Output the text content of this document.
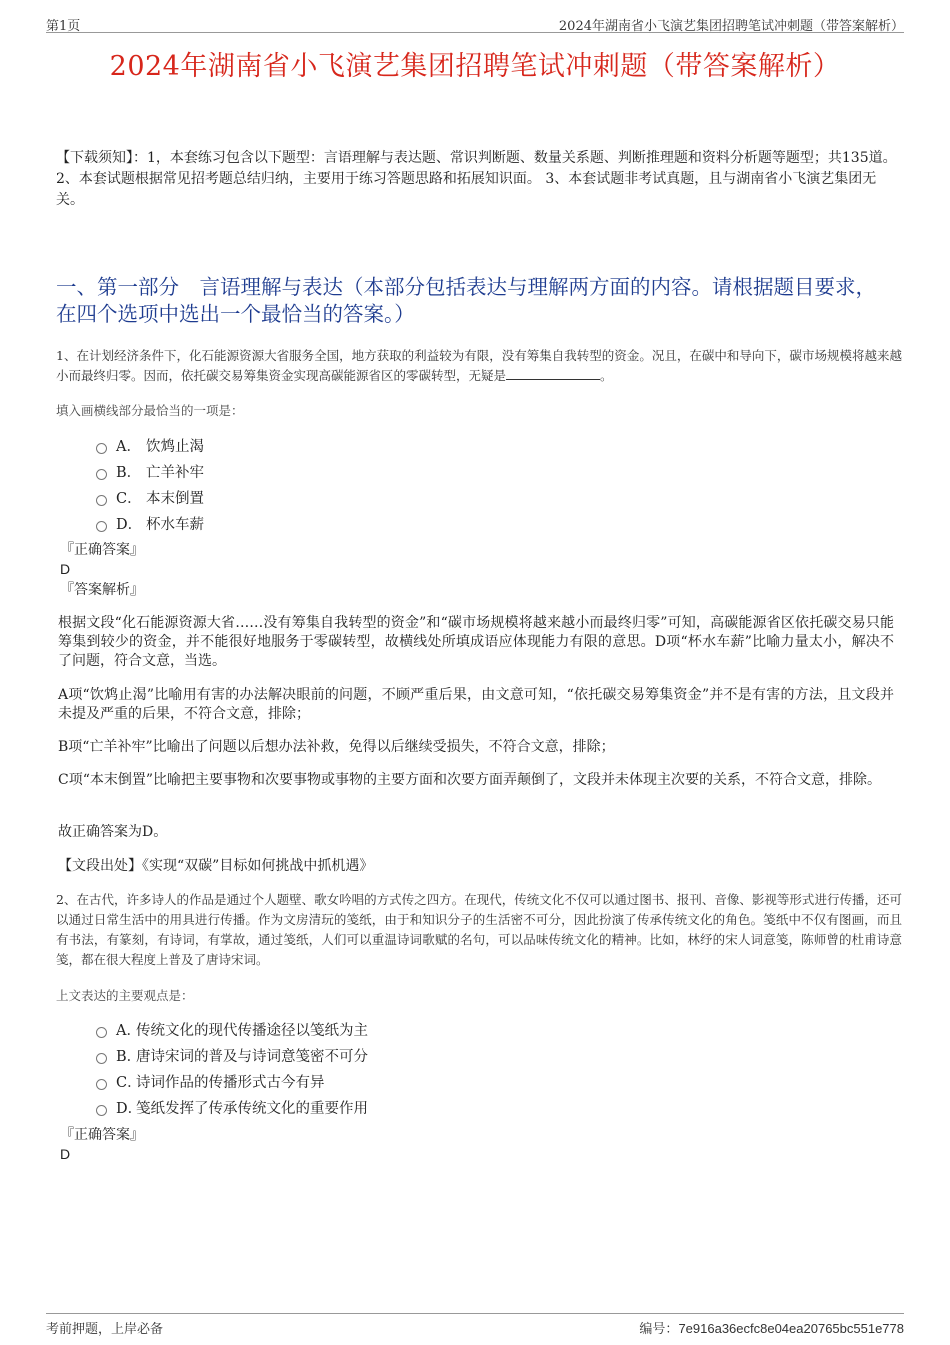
第1页	2024年湖南省小飞演艺集团招聘笔试冲刺题（带答案解析）
2024年湖南省小飞演艺集团招聘笔试冲刺题（带答案解析）
【下载须知】：1，本套练习包含以下题型：言语理解与表达题、常识判断题、数量关系题、判断推理题和资料分析题等题型；共135道。 2、本套试题根据常见招考题总结归纳，主要用于练习答题思路和拓展知识面。 3、本套试题非考试真题，且与湖南省小飞演艺集团无关。
一、第一部分　言语理解与表达（本部分包括表达与理解两方面的内容。请根据题目要求，在四个选项中选出一个最恰当的答案。）
1、在计划经济条件下，化石能源资源大省服务全国，地方获取的利益较为有限，没有筹集自我转型的资金。况且，在碳中和导向下，碳市场规模将越来越小而最终归零。因而，依托碳交易筹集资金实现高碳能源省区的零碳转型，无疑是	。
填入画横线部分最恰当的一项是：
A． 饮鸩止渴
B． 亡羊补牢
C． 本末倒置
D． 杯水车薪
『正确答案』
D
『答案解析』
根据文段“化石能源资源大省……没有筹集自我转型的资金”和“碳市场规模将越来越小而最终归零”可知，高碳能源省区依托碳交易只能筹集到较少的资金，并不能很好地服务于零碳转型，故横线处所填成语应体现能力有限的意思。D项“杯水车薪”比喻力量太小，解决不了问题，符合文意，当选。
A项“饮鸩止渴”比喻用有害的办法解决眼前的问题，不顾严重后果，由文意可知，“依托碳交易筹集资金”并不是有害的方法，且文段并未提及严重的后果，不符合文意，排除；
B项“亡羊补牢”比喻出了问题以后想办法补救，免得以后继续受损失，不符合文意，排除；
C项“本末倒置”比喻把主要事物和次要事物或事物的主要方面和次要方面弄颠倒了，文段并未体现主次要的关系，不符合文意，排除。
故正确答案为D。
【文段出处】《实现“双碳”目标如何挑战中抓机遇》
2、在古代，许多诗人的作品是通过个人题壁、歌女吟唱的方式传之四方。在现代，传统文化不仅可以通过图书、报刊、音像、影视等形式进行传播，还可以通过日常生活中的用具进行传播。作为文房清玩的笺纸，由于和知识分子的生活密不可分，因此扮演了传承传统文化的角色。笺纸中不仅有图画，而且有书法，有篆刻，有诗词，有掌故，通过笺纸，人们可以重温诗词歌赋的名句，可以品味传统文化的精神。比如，林纾的宋人词意笺，陈师曾的杜甫诗意笺，都在很大程度上普及了唐诗宋词。
上文表达的主要观点是：
A．
传统文化的现代传播途径以笺纸为主
B．
唐诗宋词的普及与诗词意笺密不可分
C．
诗词作品的传播形式古今有异
D．
笺纸发挥了传承传统文化的重要作用
『正确答案』
D
考前押题，上岸必备	编号：7e916a36ecfc8e04ea20765bc551e778
